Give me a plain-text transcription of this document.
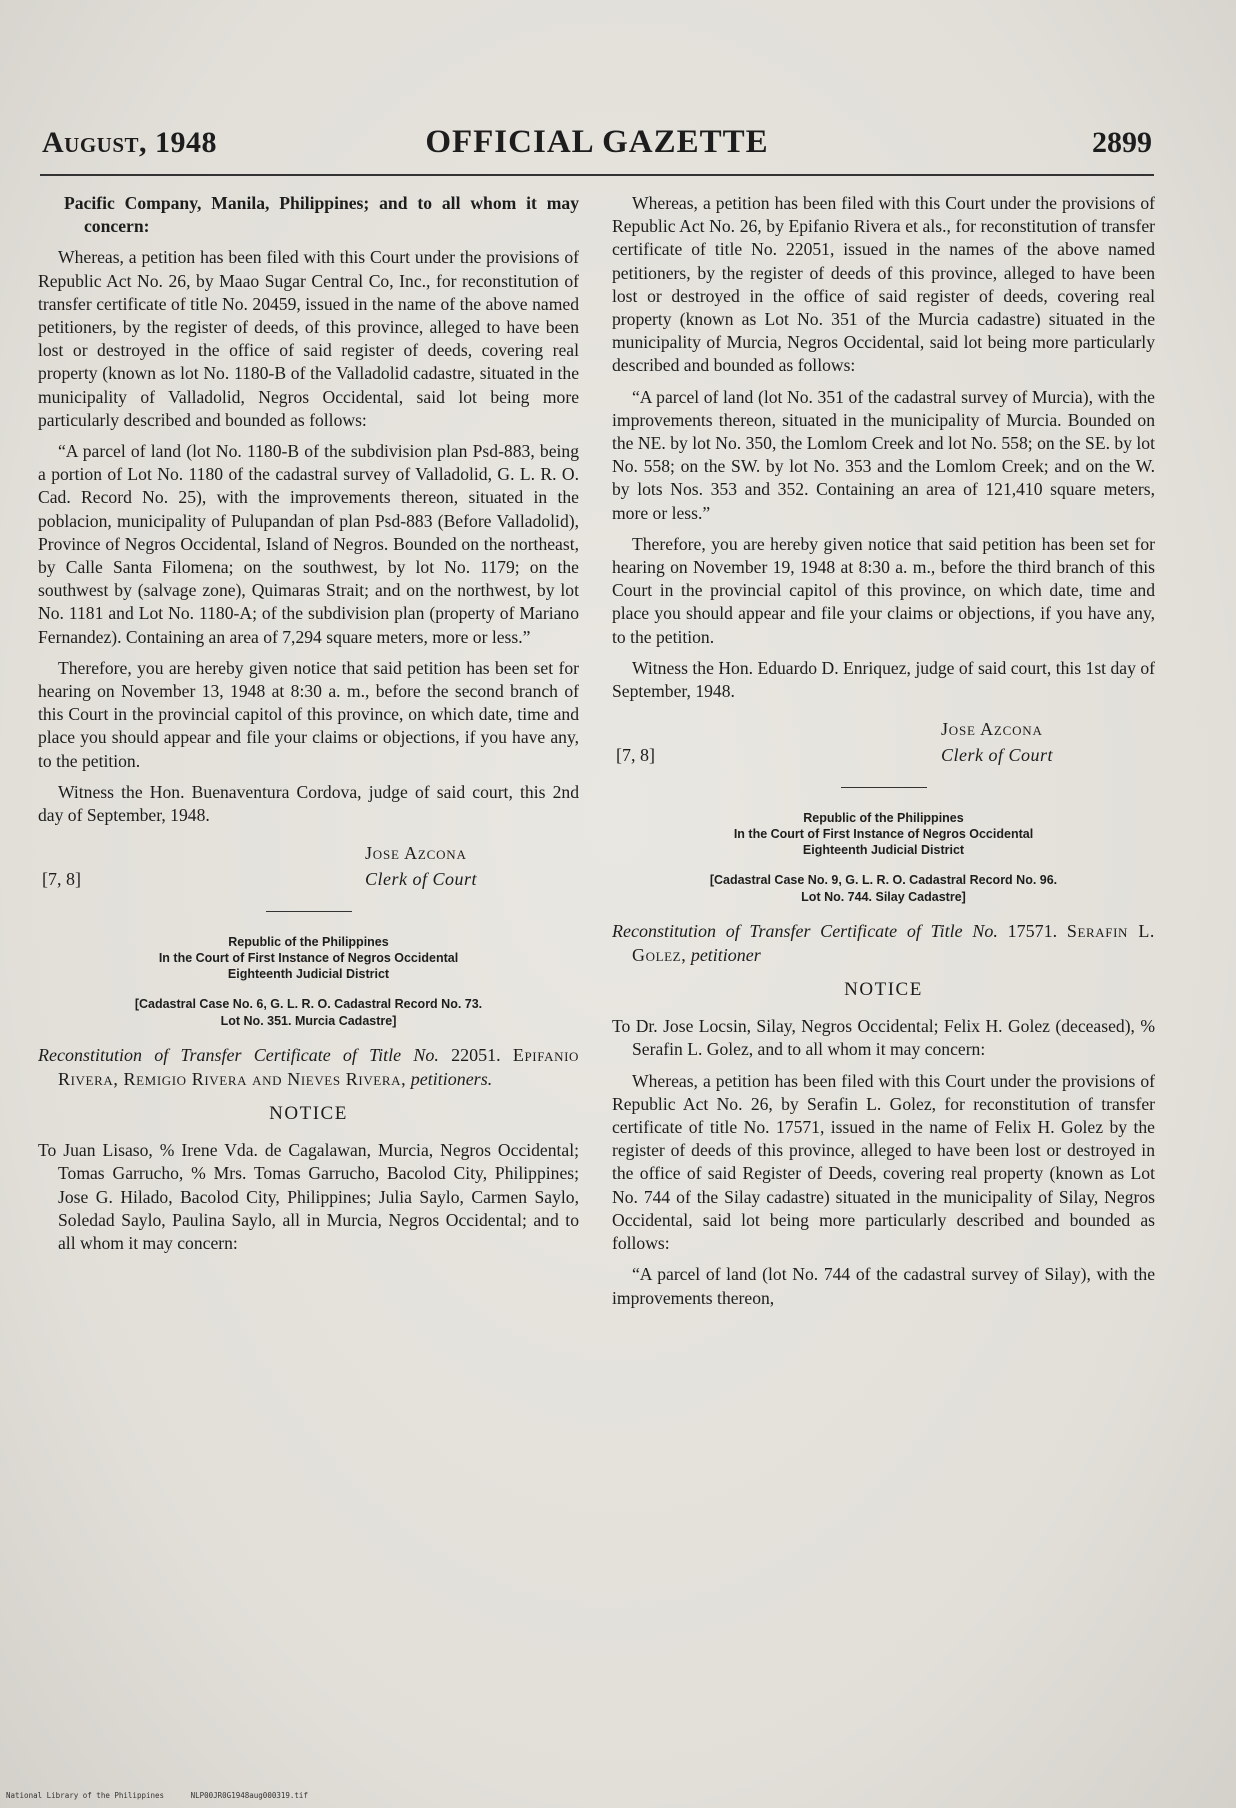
August, 1948	OFFICIAL GAZETTE	2899

Pacific Company, Manila, Philippines; and to all whom it may concern:

Whereas, a petition has been filed with this Court under the provisions of Republic Act No. 26, by Maao Sugar Central Co, Inc., for reconstitution of transfer certificate of title No. 20459, issued in the name of the above named petitioners, by the register of deeds, of this province, alleged to have been lost or destroyed in the office of said register of deeds, covering real property (known as lot No. 1180-B of the Valladolid cadastre, situated in the municipality of Valladolid, Negros Occidental, said lot being more particularly described and bounded as follows:

“A parcel of land (lot No. 1180-B of the subdivision plan Psd-883, being a portion of Lot No. 1180 of the cadastral survey of Valladolid, G. L. R. O. Cad. Record No. 25), with the improvements thereon, situated in the poblacion, municipality of Pulupandan of plan Psd-883 (Before Valladolid), Province of Negros Occidental, Island of Negros. Bounded on the northeast, by Calle Santa Filomena; on the southwest, by lot No. 1179; on the southwest by (salvage zone), Quimaras Strait; and on the northwest, by lot No. 1181 and Lot No. 1180-A; of the subdivision plan (property of Mariano Fernandez). Containing an area of 7,294 square meters, more or less.”

Therefore, you are hereby given notice that said petition has been set for hearing on November 13, 1948 at 8:30 a. m., before the second branch of this Court in the provincial capitol of this province, on which date, time and place you should appear and file your claims or objections, if you have any, to the petition.

Witness the Hon. Buenaventura Cordova, judge of said court, this 2nd day of September, 1948.

[7, 8]
Jose Azcona
Clerk of Court

Republic of the Philippines

In the Court of First Instance of Negros Occidental

Eighteenth Judicial District

[Cadastral Case No. 6, G. L. R. O. Cadastral Record No. 73.
Lot No. 351. Murcia Cadastre]

Reconstitution of Transfer Certificate of Title No. 22051. Epifanio Rivera, Remigio Rivera and Nieves Rivera, petitioners.

NOTICE

To Juan Lisaso, % Irene Vda. de Cagalawan, Murcia, Negros Occidental; Tomas Garrucho, % Mrs. Tomas Garrucho, Bacolod City, Philippines; Jose G. Hilado, Bacolod City, Philippines; Julia Saylo, Carmen Saylo, Soledad Saylo, Paulina Saylo, all in Murcia, Negros Occidental; and to all whom it may concern:

Whereas, a petition has been filed with this Court under the provisions of Republic Act No. 26, by Epifanio Rivera et als., for reconstitution of transfer certificate of title No. 22051, issued in the names of the above named petitioners, by the register of deeds of this province, alleged to have been lost or destroyed in the office of said register of deeds, covering real property (known as Lot No. 351 of the Murcia cadastre) situated in the municipality of Murcia, Negros Occidental, said lot being more particularly described and bounded as follows:

“A parcel of land (lot No. 351 of the cadastral survey of Murcia), with the improvements thereon, situated in the municipality of Murcia. Bounded on the NE. by lot No. 350, the Lomlom Creek and lot No. 558; on the SE. by lot No. 558; on the SW. by lot No. 353 and the Lomlom Creek; and on the W. by lots Nos. 353 and 352. Containing an area of 121,410 square meters, more or less.”

Therefore, you are hereby given notice that said petition has been set for hearing on November 19, 1948 at 8:30 a. m., before the third branch of this Court in the provincial capitol of this province, on which date, time and place you should appear and file your claims or objections, if you have any, to the petition.

Witness the Hon. Eduardo D. Enriquez, judge of said court, this 1st day of September, 1948.

[7, 8]
Jose Azcona
Clerk of Court

Republic of the Philippines

In the Court of First Instance of Negros Occidental

Eighteenth Judicial District

[Cadastral Case No. 9, G. L. R. O. Cadastral Record No. 96.
Lot No. 744. Silay Cadastre]

Reconstitution of Transfer Certificate of Title No. 17571. Serafin L. Golez, petitioner

NOTICE

To Dr. Jose Locsin, Silay, Negros Occidental; Felix H. Golez (deceased), % Serafin L. Golez, and to all whom it may concern:

Whereas, a petition has been filed with this Court under the provisions of Republic Act No. 26, by Serafin L. Golez, for reconstitution of transfer certificate of title No. 17571, issued in the name of Felix H. Golez by the register of deeds of this province, alleged to have been lost or destroyed in the office of said Register of Deeds, covering real property (known as Lot No. 744 of the Silay cadastre) situated in the municipality of Silay, Negros Occidental, said lot being more particularly described and bounded as follows:

“A parcel of land (lot No. 744 of the cadastral survey of Silay), with the improvements thereon,

National Library of the Philippines	NLP00JR0G1948aug000319.tif
